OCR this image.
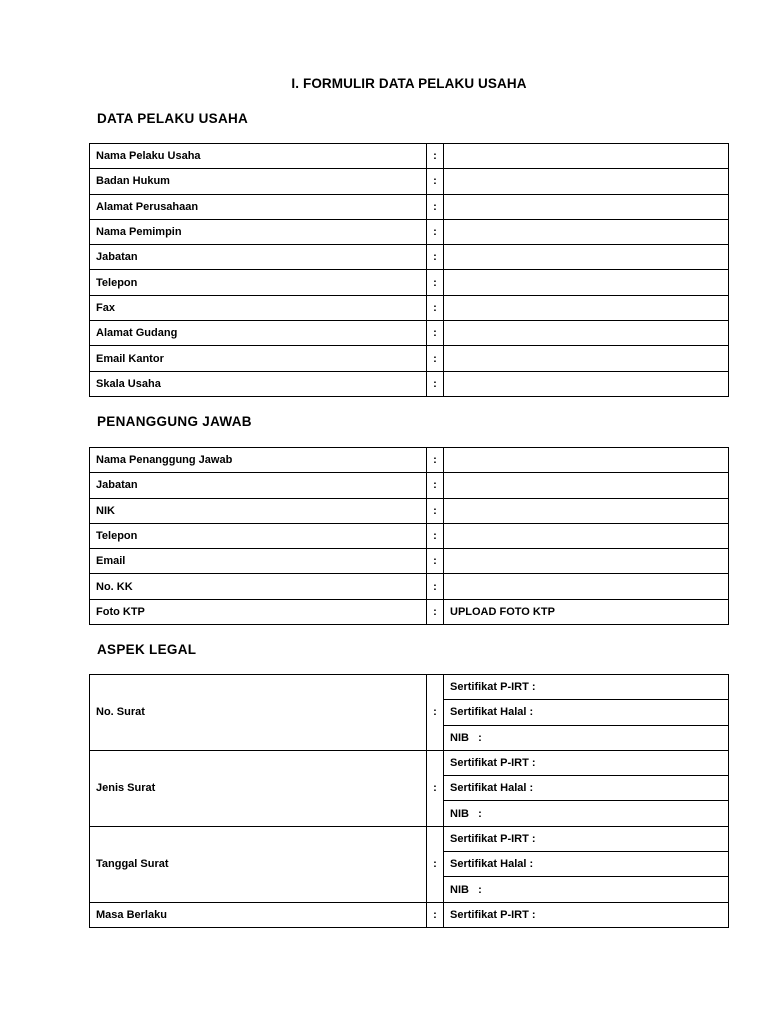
I. FORMULIR DATA PELAKU USAHA
DATA PELAKU USAHA
Nama Pelaku Usaha	:	
Badan Hukum	:	
Alamat Perusahaan	:	
Nama Pemimpin	:	
Jabatan	:	
Telepon	:	
Fax	:	
Alamat Gudang	:	
Email Kantor	:	
Skala Usaha	:	
PENANGGUNG JAWAB
Nama Penanggung Jawab	:	
Jabatan	:	
NIK	:	
Telepon	:	
Email	:	
No. KK	:	
Foto KTP	:	UPLOAD FOTO KTP
ASPEK LEGAL
No. Surat	:	Sertifikat P-IRT :
		Sertifikat Halal :
		NIB   :
Jenis Surat	:	Sertifikat P-IRT :
		Sertifikat Halal :
		NIB   :
Tanggal Surat	:	Sertifikat P-IRT :
		Sertifikat Halal :
		NIB   :
Masa Berlaku	:	Sertifikat P-IRT :
